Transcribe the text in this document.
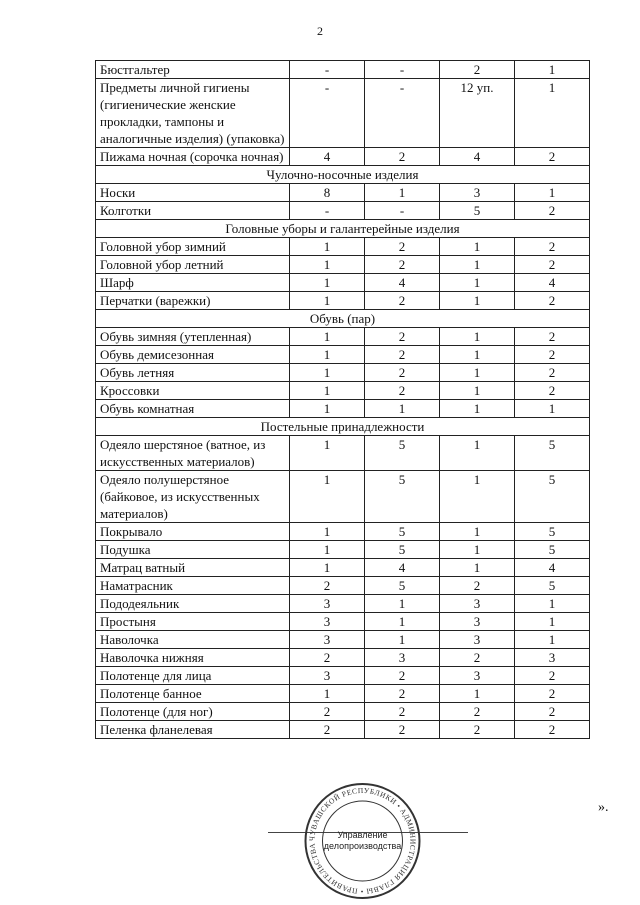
2
Бюстгальтер	-	-	2	1
Предметы личной гигиены (гигиенические женские прокладки, тампоны и аналогичные изделия) (упаковка)	-	-	12 уп.	1
Пижама ночная (сорочка ночная)	4	2	4	2
Чулочно-носочные изделия				
Носки	8	1	3	1
Колготки	-	-	5	2
Головные уборы и галантерейные изделия				
Головной убор зимний	1	2	1	2
Головной убор летний	1	2	1	2
Шарф	1	4	1	4
Перчатки (варежки)	1	2	1	2
Обувь (пар)				
Обувь зимняя (утепленная)	1	2	1	2
Обувь демисезонная	1	2	1	2
Обувь летняя	1	2	1	2
Кроссовки	1	2	1	2
Обувь комнатная	1	1	1	1
Постельные принадлежности				
Одеяло шерстяное (ватное, из искусственных материалов)	1	5	1	5
Одеяло полушерстяное (байковое, из искусственных материалов)	1	5	1	5
Покрывало	1	5	1	5
Подушка	1	5	1	5
Матрац ватный	1	4	1	4
Наматрасник	2	5	2	5
Пододеяльник	3	1	3	1
Простыня	3	1	3	1
Наволочка	3	1	3	1
Наволочка нижняя	2	3	2	3
Полотенце для лица	3	2	3	2
Полотенце банное	1	2	1	2
Полотенце (для ног)	2	2	2	2
Пеленка фланелевая	2	2	2	2
».
ЧУВАШСКОЙ РЕСПУБЛИКИ • АДМИНИСТРАЦИЯ ГЛАВЫ • ПРАВИТЕЛЬСТВА
Управление
делопроизводства
